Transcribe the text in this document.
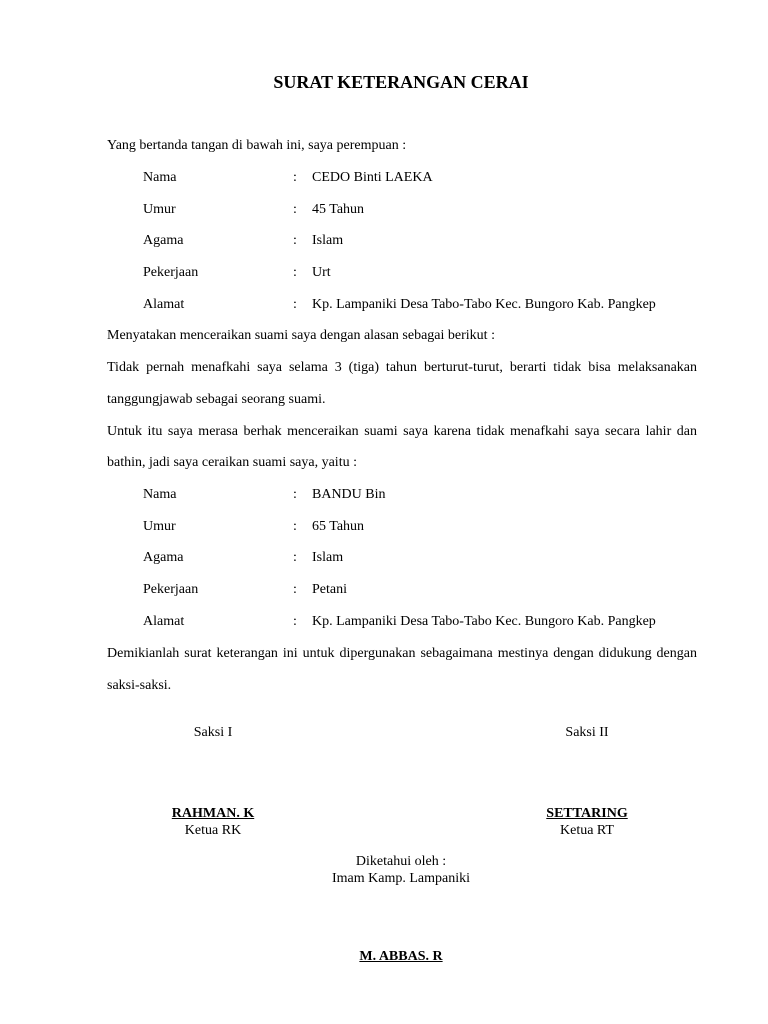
SURAT KETERANGAN CERAI
Yang bertanda tangan di bawah ini, saya perempuan :
Nama	: CEDO Binti LAEKA
Umur	: 45 Tahun
Agama	: Islam
Pekerjaan	: Urt
Alamat	: Kp. Lampaniki Desa Tabo-Tabo Kec. Bungoro Kab. Pangkep
Menyatakan menceraikan suami saya dengan alasan sebagai berikut :
Tidak pernah menafkahi saya selama 3 (tiga) tahun berturut-turut, berarti tidak bisa melaksanakan
tanggungjawab sebagai seorang suami.
Untuk itu saya merasa berhak menceraikan suami saya karena tidak menafkahi saya secara lahir dan
bathin, jadi saya ceraikan suami saya, yaitu :
Nama	: BANDU Bin
Umur	: 65 Tahun
Agama	: Islam
Pekerjaan	: Petani
Alamat	: Kp. Lampaniki Desa Tabo-Tabo Kec. Bungoro Kab. Pangkep
Demikianlah surat keterangan ini untuk dipergunakan sebagaimana mestinya dengan didukung dengan
saksi-saksi.
Saksi I	Saksi II
RAHMAN. K
Ketua RK
SETTARING
Ketua RT
Diketahui oleh :
Imam Kamp. Lampaniki
M. ABBAS. R
